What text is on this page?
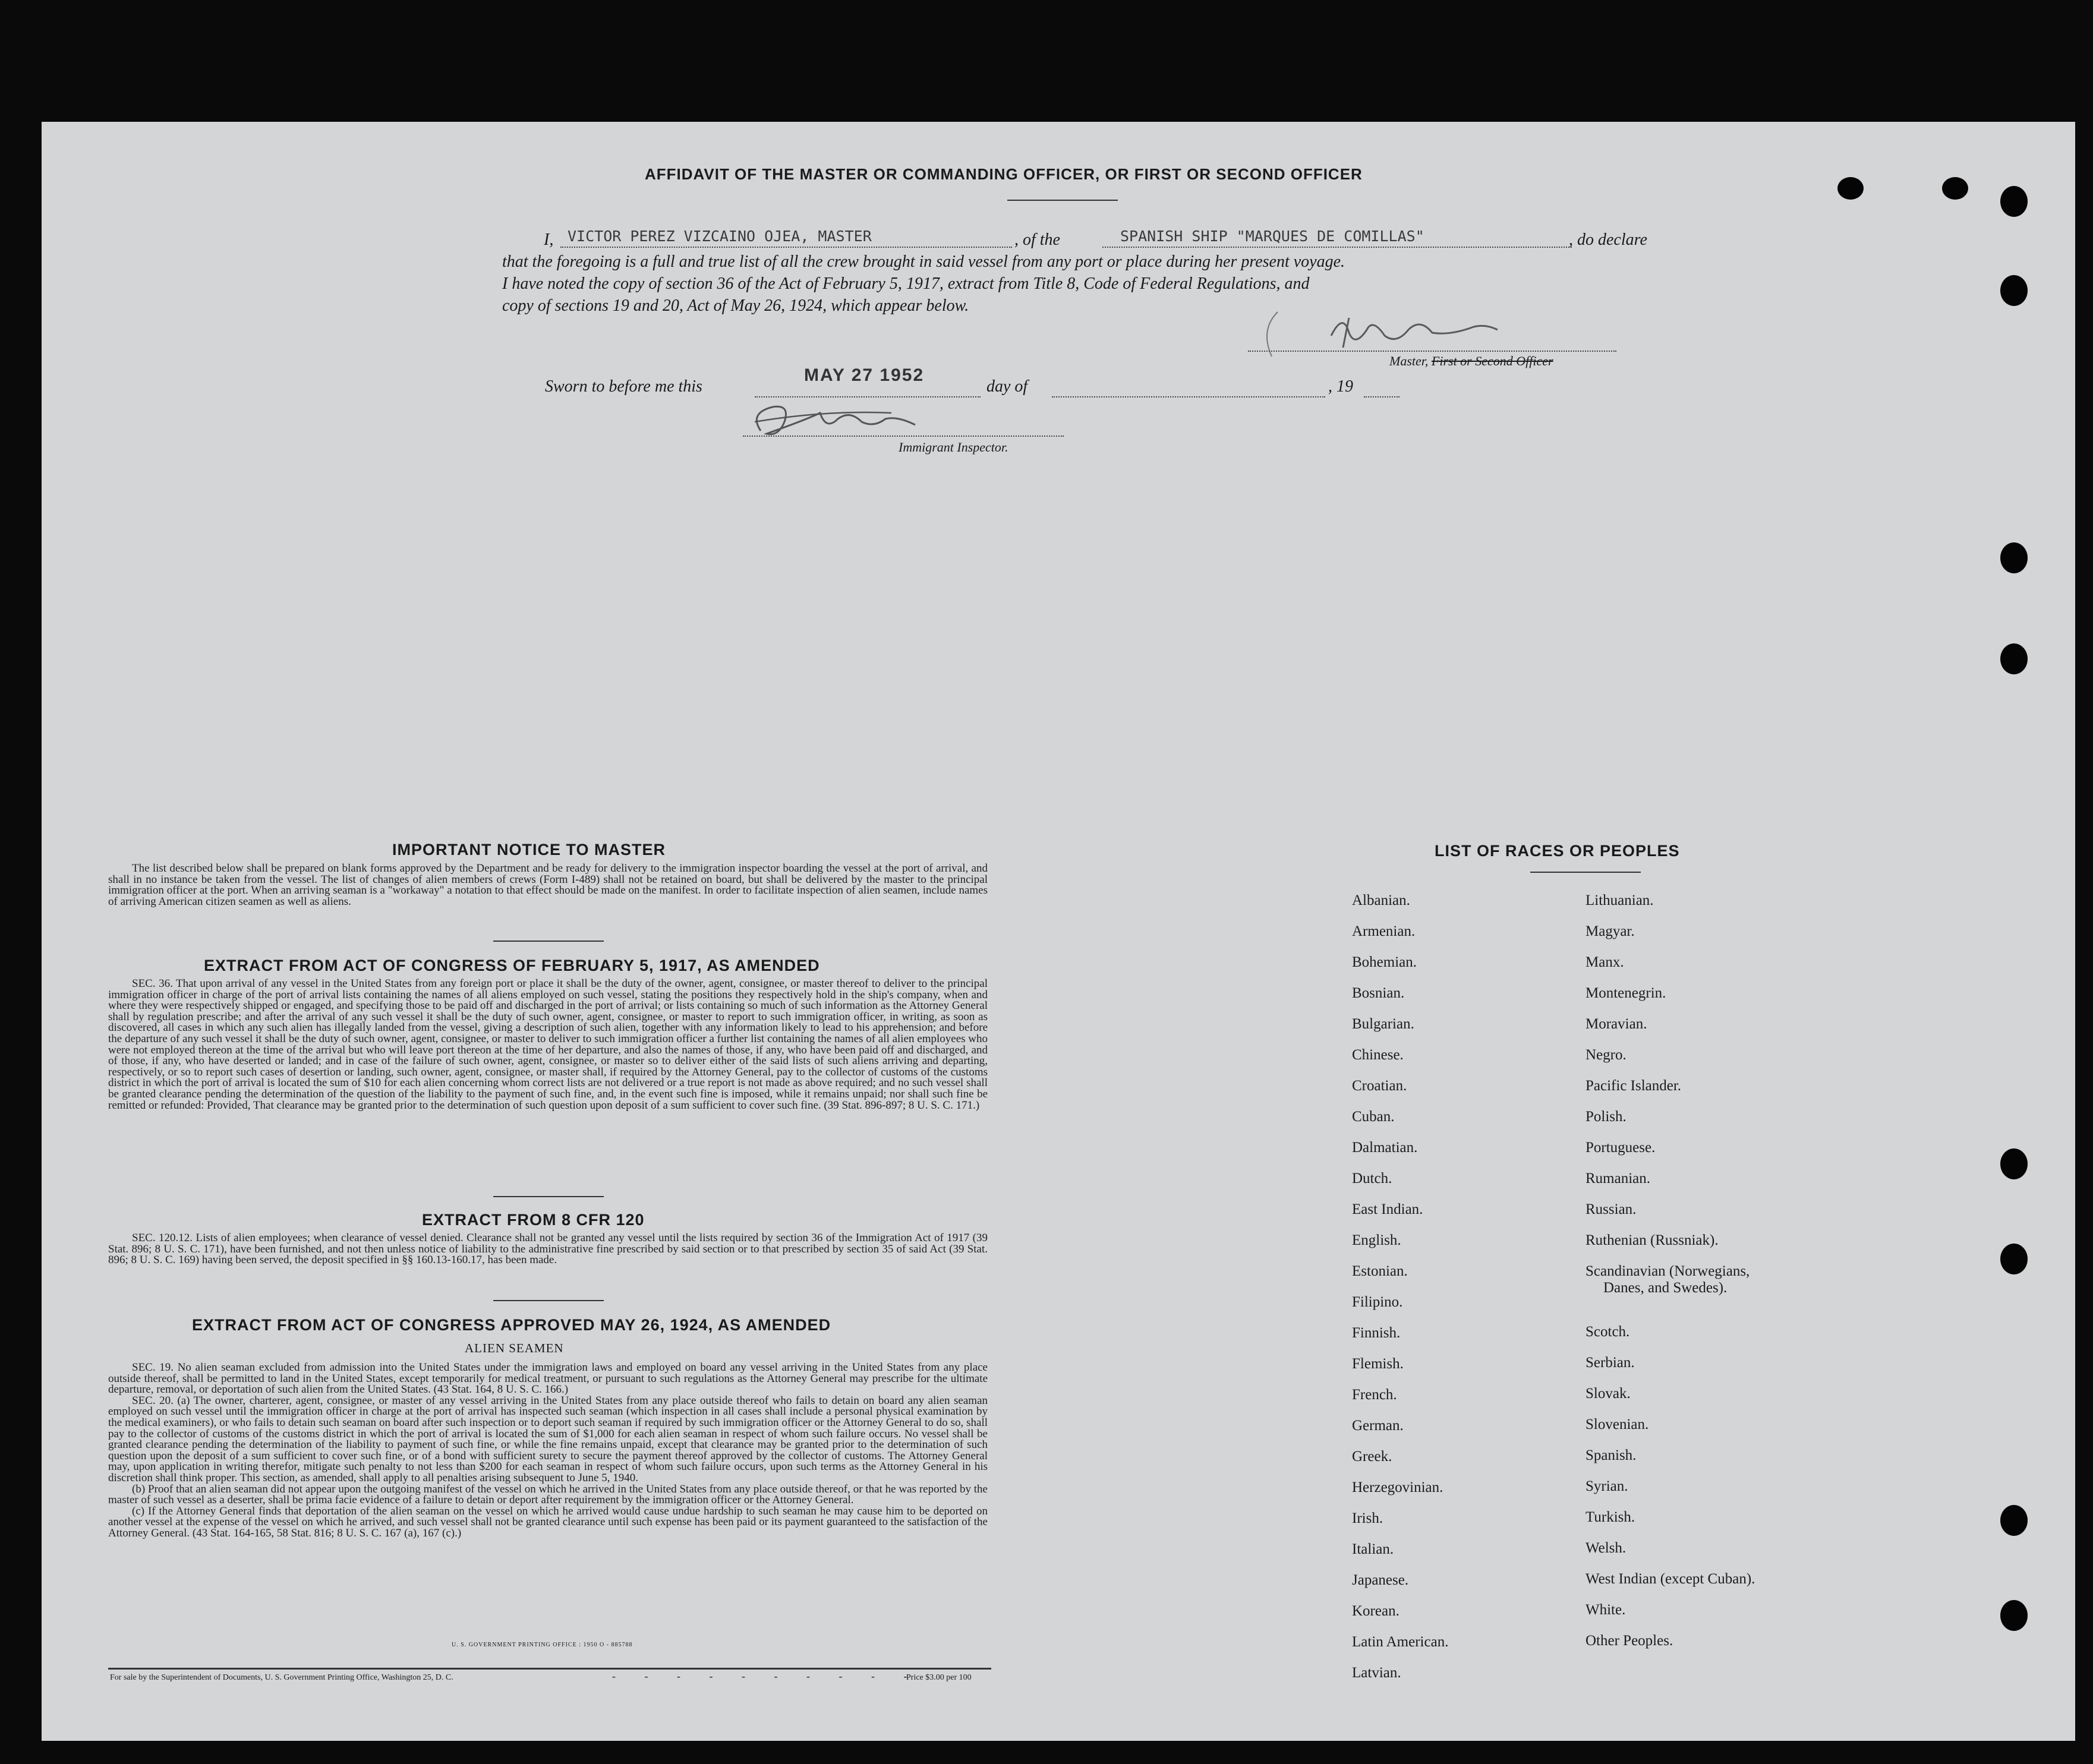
AFFIDAVIT OF THE MASTER OR COMMANDING OFFICER, OR FIRST OR SECOND OFFICER
I, VICTOR PEREZ VIZCAINO OJEA, MASTER	, of the	SPANISH SHIP "MARQUES DE COMILLAS"	, do declare
that the foregoing is a full and true list of all the crew brought in said vessel from any port or place during her present voyage.
I have noted the copy of section 36 of the Act of February 5, 1917, extract from Title 8, Code of Federal Regulations, and
copy of sections 19 and 20, Act of May 26, 1924, which appear below.
Master, First or Second Officer
Sworn to before me this
MAY 27 1952
day of	, 19
Immigrant Inspector.
IMPORTANT NOTICE TO MASTER

The list described below shall be prepared on blank forms approved by the Department and be ready for delivery to the immigration inspector boarding the vessel at the port of arrival, and shall in no instance be taken from the vessel. The list of changes of alien members of crews (Form I-489) shall not be retained on board, but shall be delivered by the master to the principal immigration officer at the port. When an arriving seaman is a "workaway" a notation to that effect should be made on the manifest. In order to facilitate inspection of alien seamen, include names of arriving American citizen seamen as well as aliens.

EXTRACT FROM ACT OF CONGRESS OF FEBRUARY 5, 1917, AS AMENDED

SEC. 36. That upon arrival of any vessel in the United States from any foreign port or place it shall be the duty of the owner, agent, consignee, or master thereof to deliver to the principal immigration officer in charge of the port of arrival lists containing the names of all aliens employed on such vessel, stating the positions they respectively hold in the ship's company, when and where they were respectively shipped or engaged, and specifying those to be paid off and discharged in the port of arrival; or lists containing so much of such information as the Attorney General shall by regulation prescribe; and after the arrival of any such vessel it shall be the duty of such owner, agent, consignee, or master to report to such immigration officer, in writing, as soon as discovered, all cases in which any such alien has illegally landed from the vessel, giving a description of such alien, together with any information likely to lead to his apprehension; and before the departure of any such vessel it shall be the duty of such owner, agent, consignee, or master to deliver to such immigration officer a further list containing the names of all alien employees who were not employed thereon at the time of the arrival but who will leave port thereon at the time of her departure, and also the names of those, if any, who have been paid off and discharged, and of those, if any, who have deserted or landed; and in case of the failure of such owner, agent, consignee, or master so to deliver either of the said lists of such aliens arriving and departing, respectively, or so to report such cases of desertion or landing, such owner, agent, consignee, or master shall, if required by the Attorney General, pay to the collector of customs of the customs district in which the port of arrival is located the sum of $10 for each alien concerning whom correct lists are not delivered or a true report is not made as above required; and no such vessel shall be granted clearance pending the determination of the question of the liability to the payment of such fine, and, in the event such fine is imposed, while it remains unpaid; nor shall such fine be remitted or refunded: Provided, That clearance may be granted prior to the determination of such question upon deposit of a sum sufficient to cover such fine. (39 Stat. 896-897; 8 U. S. C. 171.)

EXTRACT FROM 8 CFR 120

SEC. 120.12. Lists of alien employees; when clearance of vessel denied. Clearance shall not be granted any vessel until the lists required by section 36 of the Immigration Act of 1917 (39 Stat. 896; 8 U. S. C. 171), have been furnished, and not then unless notice of liability to the administrative fine prescribed by said section or to that prescribed by section 35 of said Act (39 Stat. 896; 8 U. S. C. 169) having been served, the deposit specified in §§ 160.13-160.17, has been made.

EXTRACT FROM ACT OF CONGRESS APPROVED MAY 26, 1924, AS AMENDED
ALIEN SEAMEN

SEC. 19. No alien seaman excluded from admission into the United States under the immigration laws and employed on board any vessel arriving in the United States from any place outside thereof, shall be permitted to land in the United States, except temporarily for medical treatment, or pursuant to such regulations as the Attorney General may prescribe for the ultimate departure, removal, or deportation of such alien from the United States. (43 Stat. 164, 8 U. S. C. 166.)

SEC. 20. (a) The owner, charterer, agent, consignee, or master of any vessel arriving in the United States from any place outside thereof who fails to detain on board any alien seaman employed on such vessel until the immigration officer in charge at the port of arrival has inspected such seaman (which inspection in all cases shall include a personal physical examination by the medical examiners), or who fails to detain such seaman on board after such inspection or to deport such seaman if required by such immigration officer or the Attorney General to do so, shall pay to the collector of customs of the customs district in which the port of arrival is located the sum of $1,000 for each alien seaman in respect of whom such failure occurs. No vessel shall be granted clearance pending the determination of the liability to payment of such fine, or while the fine remains unpaid, except that clearance may be granted prior to the determination of such question upon the deposit of a sum sufficient to cover such fine, or of a bond with sufficient surety to secure the payment thereof approved by the collector of customs. The Attorney General may, upon application in writing therefor, mitigate such penalty to not less than $200 for each seaman in respect of whom such failure occurs, upon such terms as the Attorney General in his discretion shall think proper. This section, as amended, shall apply to all penalties arising subsequent to June 5, 1940.

(b) Proof that an alien seaman did not appear upon the outgoing manifest of the vessel on which he arrived in the United States from any place outside thereof, or that he was reported by the master of such vessel as a deserter, shall be prima facie evidence of a failure to detain or deport after requirement by the immigration officer or the Attorney General.

(c) If the Attorney General finds that deportation of the alien seaman on the vessel on which he arrived would cause undue hardship to such seaman he may cause him to be deported on another vessel at the expense of the vessel on which he arrived, and such vessel shall not be granted clearance until such expense has been paid or its payment guaranteed to the satisfaction of the Attorney General. (43 Stat. 164-165, 58 Stat. 816; 8 U. S. C. 167 (a), 167 (c).)

U. S. GOVERNMENT PRINTING OFFICE : 1950 O - 885788
For sale by the Superintendent of Documents, U. S. Government Printing Office, Washington 25, D. C.	- - - - - - - - - -
Price $3.00 per 100
LIST OF RACES OR PEOPLES
Albanian.
Armenian.
Bohemian.
Bosnian.
Bulgarian.
Chinese.
Croatian.
Cuban.
Dalmatian.
Dutch.
East Indian.
English.
Estonian.
Filipino.
Finnish.
Flemish.
French.
German.
Greek.
Herzegovinian.
Irish.
Italian.
Japanese.
Korean.
Latin American.
Latvian.
Lithuanian.
Magyar.
Manx.
Montenegrin.
Moravian.
Negro.
Pacific Islander.
Polish.
Portuguese.
Rumanian.
Russian.
Ruthenian (Russniak).
Scandinavian (Norwegians,
Danes, and Swedes).
Scotch.
Serbian.
Slovak.
Slovenian.
Spanish.
Syrian.
Turkish.
Welsh.
West Indian (except Cuban).
White.
Other Peoples.
